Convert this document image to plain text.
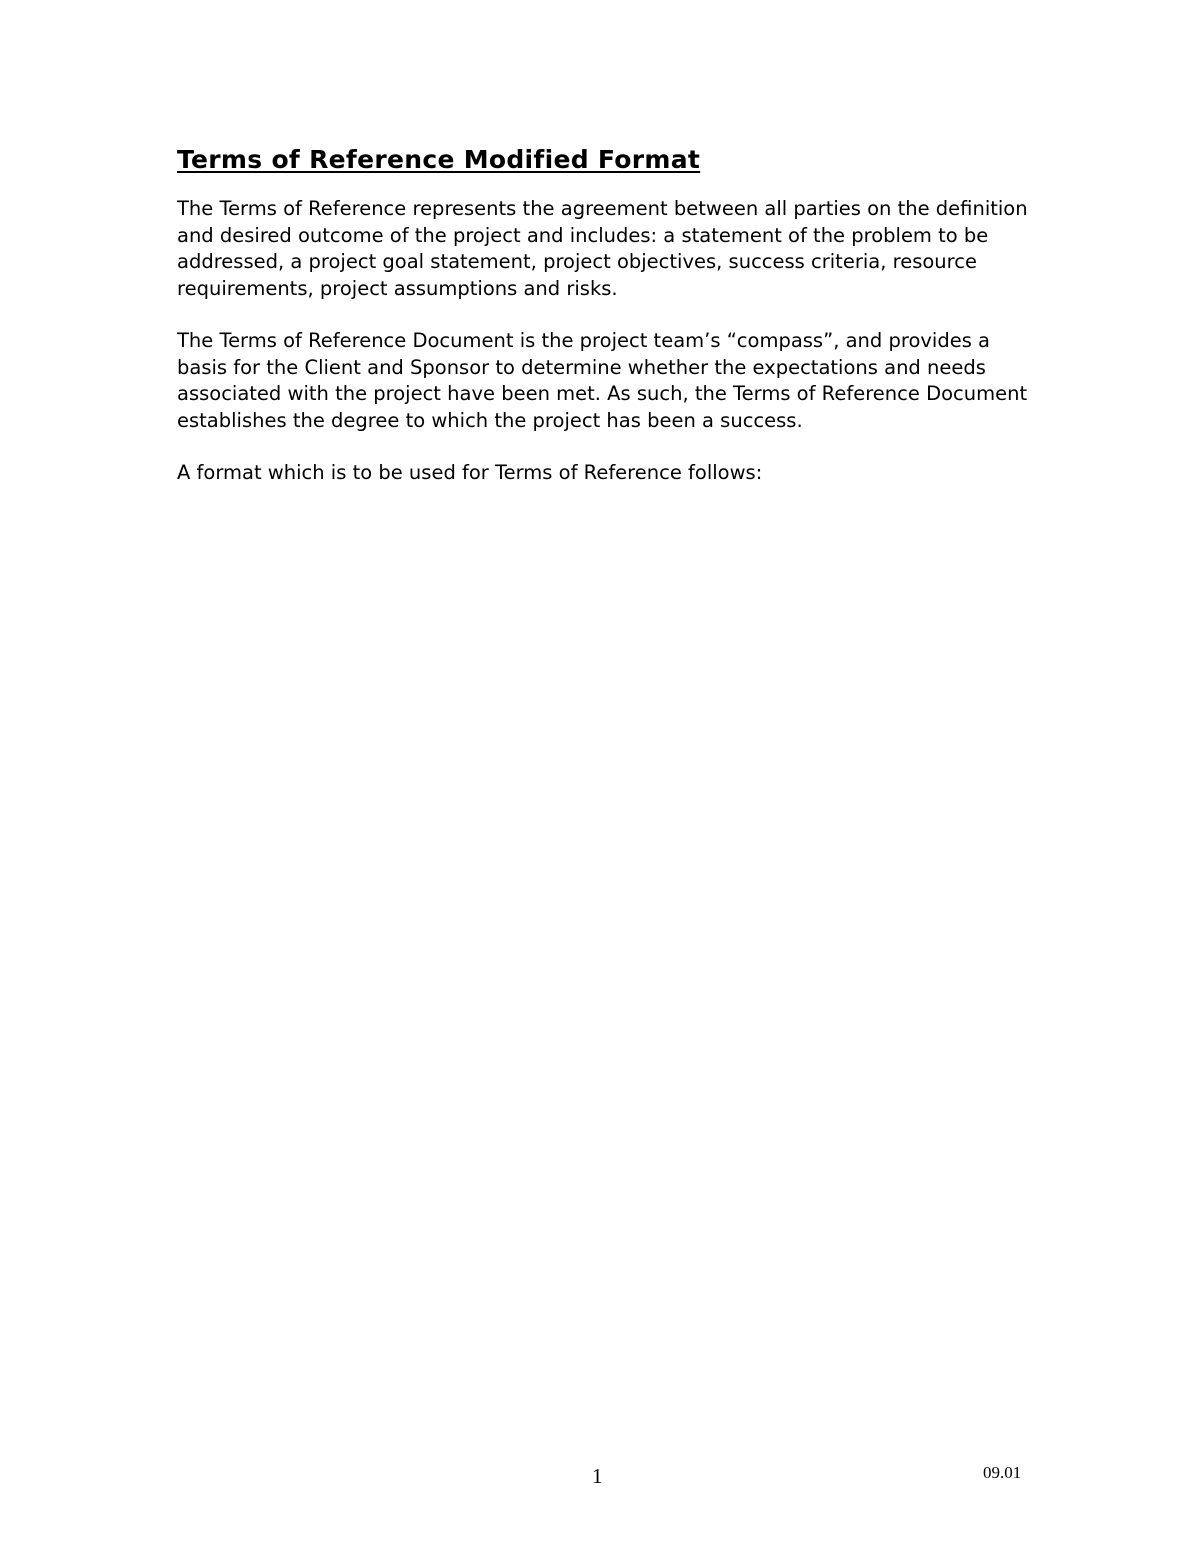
Terms of Reference Modified Format

The Terms of Reference represents the agreement between all parties on the definition and desired outcome of the project and includes: a statement of the problem to be addressed, a project goal statement, project objectives, success criteria, resource requirements, project assumptions and risks.

The Terms of Reference Document is the project team’s “compass”, and provides a basis for the Client and Sponsor to determine whether the expectations and needs associated with the project have been met. As such, the Terms of Reference Document establishes the degree to which the project has been a success.

A format which is to be used for Terms of Reference follows:

1	09.01
